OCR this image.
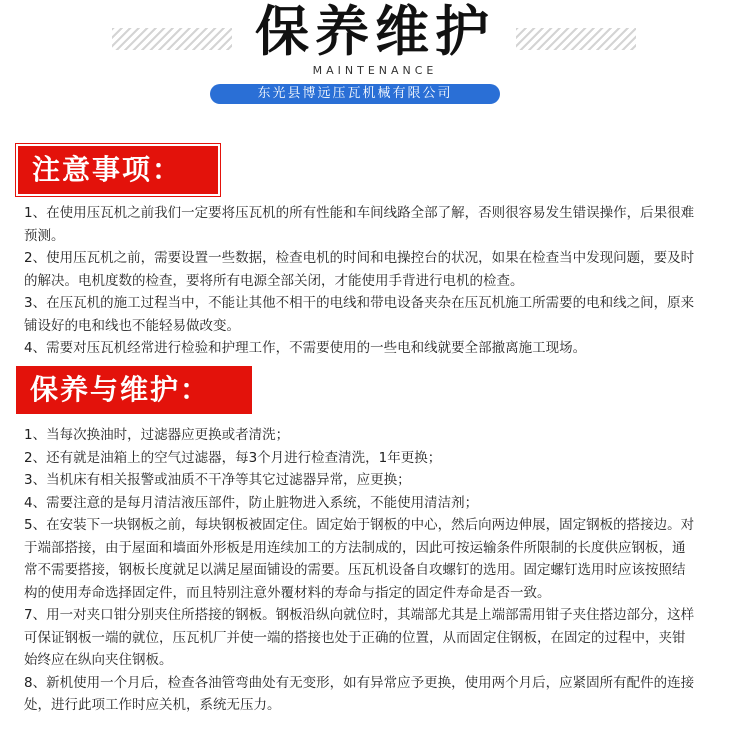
保养维护
MAINTENANCE
东光县博远压瓦机械有限公司
注意事项：

1、在使用压瓦机之前我们一定要将压瓦机的所有性能和车间线路全部了解，否则很容易发生错误操作，后果很难预测。

2、使用压瓦机之前，需要设置一些数据，检查电机的时间和电操控台的状况，如果在检查当中发现问题，要及时的解决。电机度数的检查，要将所有电源全部关闭，才能使用手背进行电机的检查。

3、在压瓦机的施工过程当中，不能让其他不相干的电线和带电设备夹杂在压瓦机施工所需要的电和线之间，原来铺设好的电和线也不能轻易做改变。

4、需要对压瓦机经常进行检验和护理工作，不需要使用的一些电和线就要全部撤离施工现场。

保养与维护：

1、当每次换油时，过滤器应更换或者清洗；

2、还有就是油箱上的空气过滤器，每3个月进行检查清洗，1年更换；

3、当机床有相关报警或油质不干净等其它过滤器异常，应更换；

4、需要注意的是每月清洁液压部件，防止脏物进入系统，不能使用清洁剂；

5、在安装下一块钢板之前，每块钢板被固定住。固定始于钢板的中心，然后向两边伸展，固定钢板的搭接边。对于端部搭接，由于屋面和墙面外形板是用连续加工的方法制成的，因此可按运输条件所限制的长度供应钢板，通常不需要搭接，钢板长度就足以满足屋面铺设的需要。压瓦机设备自攻螺钉的选用。固定螺钉选用时应该按照结构的使用寿命选择固定件，而且特别注意外覆材料的寿命与指定的固定件寿命是否一致。

7、用一对夹口钳分别夹住所搭接的钢板。钢板沿纵向就位时，其端部尤其是上端部需用钳子夹住搭边部分，这样可保证钢板一端的就位，压瓦机厂并使一端的搭接也处于正确的位置，从而固定住钢板，在固定的过程中，夹钳始终应在纵向夹住钢板。

8、新机使用一个月后，检查各油管弯曲处有无变形，如有异常应予更换，使用两个月后，应紧固所有配件的连接处，进行此项工作时应关机，系统无压力。
